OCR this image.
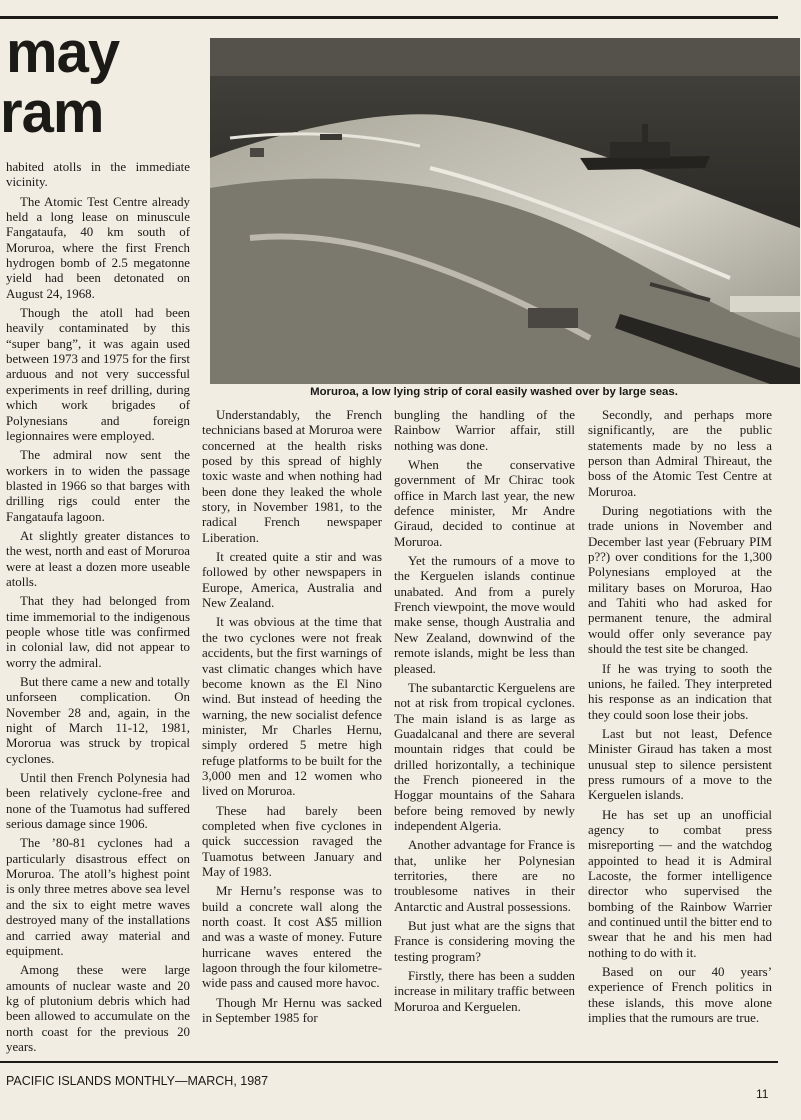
may
ram
Moruroa, a low lying strip of coral easily washed over by large seas.

habited atolls in the immediate vicinity.

The Atomic Test Centre already held a long lease on minuscule Fangataufa, 40 km south of Moruroa, where the first French hydrogen bomb of 2.5 megatonne yield had been detonated on August 24, 1968.

Though the atoll had been heavily contaminated by this “super bang”, it was again used between 1973 and 1975 for the first arduous and not very successful experiments in reef drilling, during which work brigades of Polynesians and foreign legionnaires were employed.

The admiral now sent the workers in to widen the passage blasted in 1966 so that barges with drilling rigs could enter the Fangataufa lagoon.

At slightly greater distances to the west, north and east of Moruroa were at least a dozen more useable atolls.

That they had belonged from time immemorial to the indigenous people whose title was confirmed in colonial law, did not appear to worry the admiral.

But there came a new and totally unforseen complication. On November 28 and, again, in the night of March 11-12, 1981, Mororua was struck by tropical cyclones.

Until then French Polynesia had been relatively cyclone-free and none of the Tuamotus had suffered serious damage since 1906.

The ’80-81 cyclones had a particularly disastrous effect on Moruroa. The atoll’s highest point is only three metres above sea level and the six to eight metre waves destroyed many of the installations and carried away material and equipment.

Among these were large amounts of nuclear waste and 20 kg of plutonium debris which had been allowed to accumulate on the north coast for the previous 20 years.

Understandably, the French technicians based at Moruroa were concerned at the health risks posed by this spread of highly toxic waste and when nothing had been done they leaked the whole story, in November 1981, to the radical French newspaper Liberation.

It created quite a stir and was followed by other newspapers in Europe, America, Australia and New Zealand.

It was obvious at the time that the two cyclones were not freak accidents, but the first warnings of vast climatic changes which have become known as the El Nino wind. But instead of heeding the warning, the new socialist defence minister, Mr Charles Hernu, simply ordered 5 metre high refuge platforms to be built for the 3,000 men and 12 women who lived on Moruroa.

These had barely been completed when five cyclones in quick succession ravaged the Tuamotus between January and May of 1983.

Mr Hernu’s response was to build a concrete wall along the north coast. It cost A$5 million and was a waste of money. Future hurricane waves entered the lagoon through the four kilometre-wide pass and caused more havoc.

Though Mr Hernu was sacked in September 1985 for

bungling the handling of the Rainbow Warrior affair, still nothing was done.

When the conservative government of Mr Chirac took office in March last year, the new defence minister, Mr Andre Giraud, decided to continue at Moruroa.

Yet the rumours of a move to the Kerguelen islands continue unabated. And from a purely French viewpoint, the move would make sense, though Australia and New Zealand, downwind of the remote islands, might be less than pleased.

The subantarctic Kerguelens are not at risk from tropical cyclones. The main island is as large as Guadalcanal and there are several mountain ridges that could be drilled horizontally, a techinique the French pioneered in the Hoggar mountains of the Sahara before being removed by newly independent Algeria.

Another advantage for France is that, unlike her Polynesian territories, there are no troublesome natives in their Antarctic and Austral possessions.

But just what are the signs that France is considering moving the testing program?

Firstly, there has been a sudden increase in military traffic between Moruroa and Kerguelen.

Secondly, and perhaps more significantly, are the public statements made by no less a person than Admiral Thireaut, the boss of the Atomic Test Centre at Moruroa.

During negotiations with the trade unions in November and December last year (February PIM p??) over conditions for the 1,300 Polynesians employed at the military bases on Moruroa, Hao and Tahiti who had asked for permanent tenure, the admiral would offer only severance pay should the test site be changed.

If he was trying to sooth the unions, he failed. They interpreted his response as an indication that they could soon lose their jobs.

Last but not least, Defence Minister Giraud has taken a most unusual step to silence persistent press rumours of a move to the Kerguelen islands.

He has set up an unofficial agency to combat press misreporting — and the watchdog appointed to head it is Admiral Lacoste, the former intelligence director who supervised the bombing of the Rainbow Warrier and continued until the bitter end to swear that he and his men had nothing to do with it.

Based on our 40 years’ experience of French politics in these islands, this move alone implies that the rumours are true.

PACIFIC ISLANDS MONTHLY—MARCH, 1987
11
